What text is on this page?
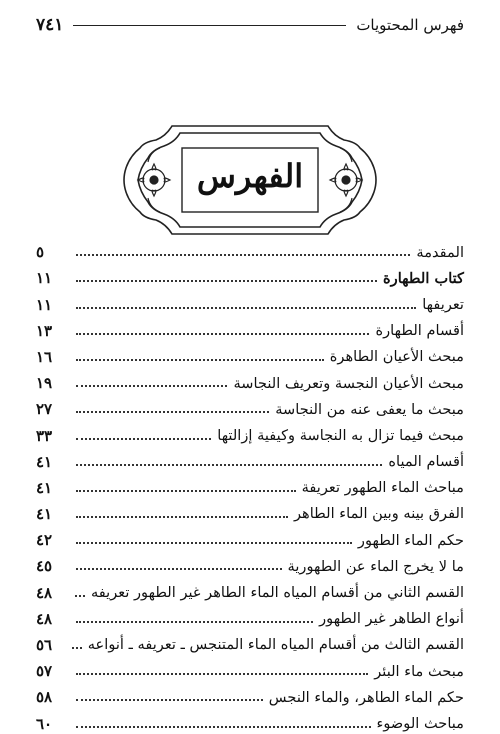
فهرس المحتويات
٧٤١
الفهرس
المقدمة
٥
كتاب الطهارة
١١
تعريفها
١١
أقسام الطهارة
١٣
مبحث الأعيان الطاهرة
١٦
مبحث الأعيان النجسة وتعريف النجاسة
١٩
مبحث ما يعفى عنه من النجاسة
٢٧
مبحث فيما تزال به النجاسة وكيفية إزالتها
٣٣
أقسام المياه
٤١
مباحث الماء الطهور تعريفة
٤١
الفرق بينه وبين الماء الطاهر
٤١
حكم الماء الطهور
٤٢
ما لا يخرج الماء عن الطهورية
٤٥
القسم الثاني من أقسام المياه الماء الطاهر غير الطهور تعريفه
٤٨
أنواع الطاهر غير الطهور
٤٨
القسم الثالث من أقسام المياه الماء المتنجس ـ تعريفه ـ أنواعه
٥٦
مبحث ماء البئر
٥٧
حكم الماء الطاهر، والماء النجس
٥٨
مباحث الوضوء
٦٠
